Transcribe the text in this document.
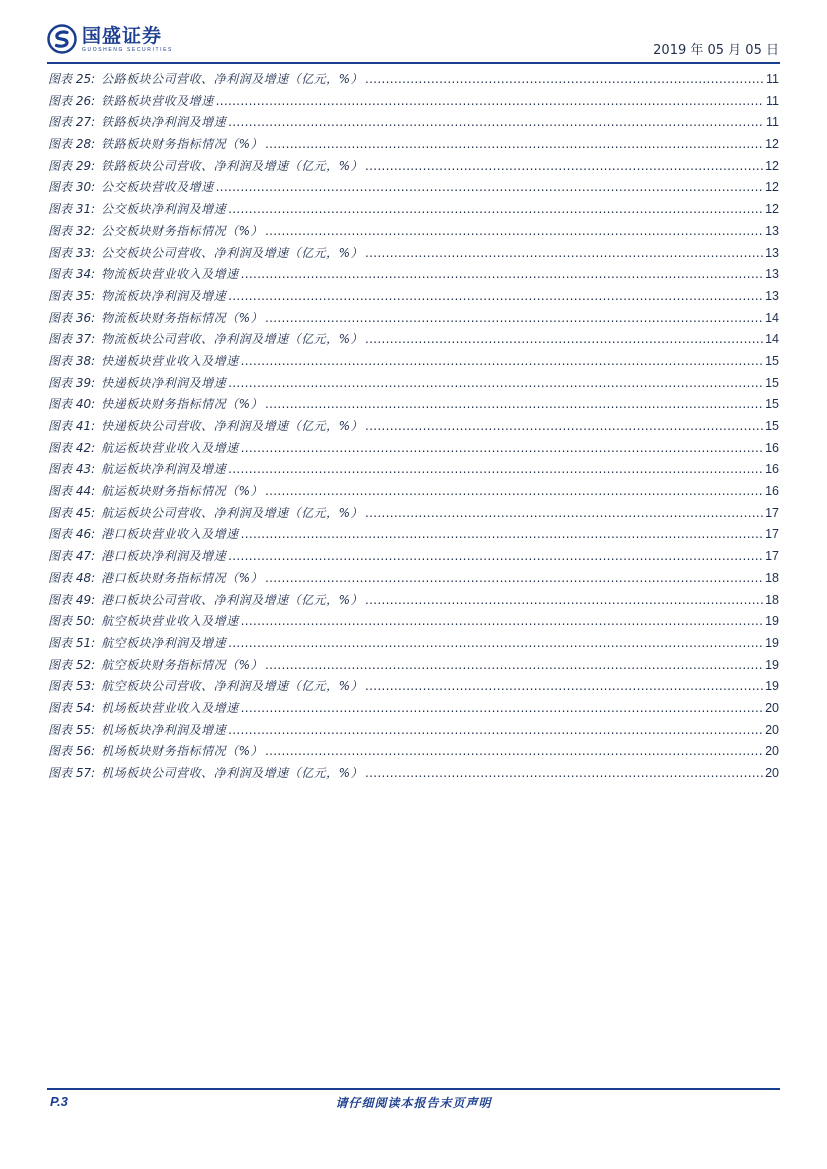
国盛证券
GUOSHENG SECURITIES	2019 年 05 月 05 日
图表 25: 公路板块公司营收、净利润及增速（亿元，%） .....	11
图表 26: 铁路板块营收及增速 .....	11
图表 27: 铁路板块净利润及增速 .....	11
图表 28: 铁路板块财务指标情况（%） .....	12
图表 29: 铁路板块公司营收、净利润及增速（亿元，%） .....	12
图表 30: 公交板块营收及增速 .....	12
图表 31: 公交板块净利润及增速 .....	12
图表 32: 公交板块财务指标情况（%） .....	13
图表 33: 公交板块公司营收、净利润及增速（亿元，%） .....	13
图表 34: 物流板块营业收入及增速 .....	13
图表 35: 物流板块净利润及增速 .....	13
图表 36: 物流板块财务指标情况（%） .....	14
图表 37: 物流板块公司营收、净利润及增速（亿元，%） .....	14
图表 38: 快递板块营业收入及增速 .....	15
图表 39: 快递板块净利润及增速 .....	15
图表 40: 快递板块财务指标情况（%） .....	15
图表 41: 快递板块公司营收、净利润及增速（亿元，%） .....	15
图表 42: 航运板块营业收入及增速 .....	16
图表 43: 航运板块净利润及增速 .....	16
图表 44: 航运板块财务指标情况（%） .....	16
图表 45: 航运板块公司营收、净利润及增速（亿元，%） .....	17
图表 46: 港口板块营业收入及增速 .....	17
图表 47: 港口板块净利润及增速 .....	17
图表 48: 港口板块财务指标情况（%） .....	18
图表 49: 港口板块公司营收、净利润及增速（亿元，%） .....	18
图表 50: 航空板块营业收入及增速 .....	19
图表 51: 航空板块净利润及增速 .....	19
图表 52: 航空板块财务指标情况（%） .....	19
图表 53: 航空板块公司营收、净利润及增速（亿元，%） .....	19
图表 54: 机场板块营业收入及增速 .....	20
图表 55: 机场板块净利润及增速 .....	20
图表 56: 机场板块财务指标情况（%） .....	20
图表 57: 机场板块公司营收、净利润及增速（亿元，%） .....	20
P.3	请仔细阅读本报告末页声明
